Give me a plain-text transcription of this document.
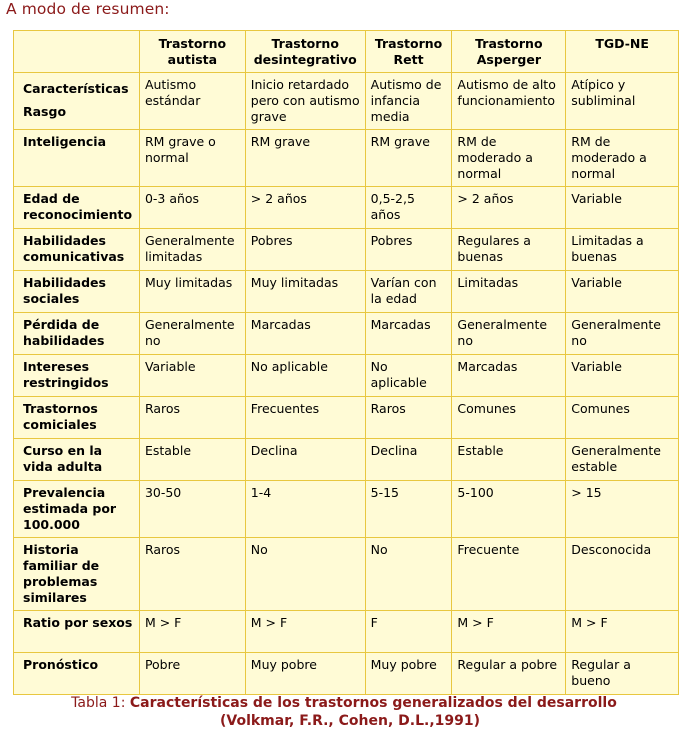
A modo de resumen:
	Trastorno autista	Trastorno desintegrativo	Trastorno Rett	Trastorno Asperger	TGD-NE
Características
Rasgo	Autismo estándar	Inicio retardado pero con autismo grave	Autismo de infancia media	Autismo de alto funcionamiento	Atípico y subliminal
Inteligencia	RM grave o normal	RM grave	RM grave	RM de moderado a normal	RM de moderado a normal
Edad de reconocimiento	0-3 años	> 2 años	0,5-2,5 años	> 2 años	Variable
Habilidades comunicativas	Generalmente limitadas	Pobres	Pobres	Regulares a buenas	Limitadas a buenas
Habilidades sociales	Muy limitadas	Muy limitadas	Varían con la edad	Limitadas	Variable
Pérdida de habilidades	Generalmente no	Marcadas	Marcadas	Generalmente no	Generalmente no
Intereses restringidos	Variable	No aplicable	No aplicable	Marcadas	Variable
Trastornos comiciales	Raros	Frecuentes	Raros	Comunes	Comunes
Curso en la vida adulta	Estable	Declina	Declina	Estable	Generalmente estable
Prevalencia estimada por 100.000	30-50	1-4	5-15	5-100	> 15
Historia familiar de problemas similares	Raros	No	No	Frecuente	Desconocida
Ratio por sexos	M > F	M > F	F	M > F	M > F
Pronóstico	Pobre	Muy pobre	Muy pobre	Regular a pobre	Regular a bueno
Tabla 1: Características de los trastornos generalizados del desarrollo
(Volkmar, F.R., Cohen, D.L.,1991)
